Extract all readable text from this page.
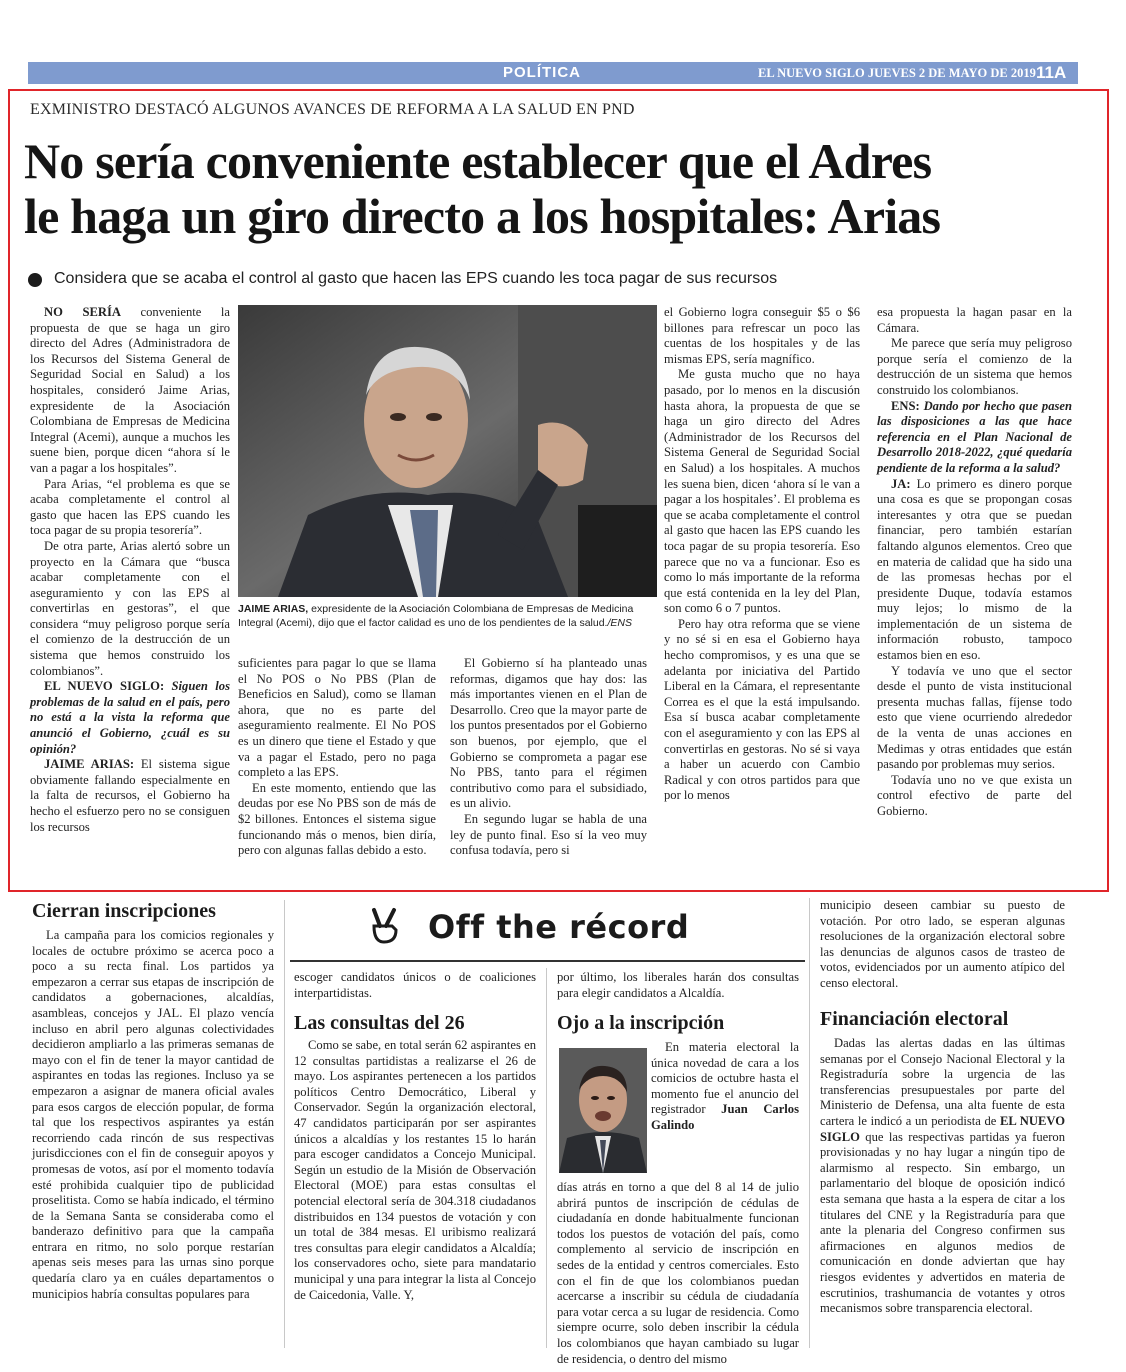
POLÍTICA	EL NUEVO SIGLO JUEVES 2 DE MAYO DE 2019 11A
EXMINISTRO DESTACÓ ALGUNOS AVANCES DE REFORMA A LA SALUD EN PND
No sería conveniente establecer que el Adres
le haga un giro directo a los hospitales: Arias
Considera que se acaba el control al gasto que hacen las EPS cuando les toca pagar de sus recursos

NO SERÍA conveniente la propuesta de que se haga un giro directo del Adres (Administradora de los Recursos del Sistema General de Seguridad Social en Salud) a los hospitales, consideró Jaime Arias, expresidente de la Asociación Colombiana de Empresas de Medicina Integral (Acemi), aunque a muchos les suene bien, porque dicen “ahora sí le van a pagar a los hospitales”.

Para Arias, “el problema es que se acaba completamente el control al gasto que hacen las EPS cuando les toca pagar de su propia tesorería”.

De otra parte, Arias alertó sobre un proyecto en la Cámara que “busca acabar completamente con el aseguramiento y con las EPS al convertirlas en gestoras”, el que considera “muy peligroso porque sería el comienzo de la destrucción de un sistema que hemos construido los colombianos”.

EL NUEVO SIGLO: Siguen los problemas de la salud en el país, pero no está a la vista la reforma que anunció el Gobierno, ¿cuál es su opinión?

JAIME ARIAS: El sistema sigue obviamente fallando especialmente en la falta de recursos, el Gobierno ha hecho el esfuerzo pero no se consiguen los recursos

JAIME ARIAS, expresidente de la Asociación Colombiana de Empresas de Medicina Integral (Acemi), dijo que el factor calidad es uno de los pendientes de la salud./ENS

suficientes para pagar lo que se llama el No POS o No PBS (Plan de Beneficios en Salud), como se llaman ahora, que no es parte del aseguramiento realmente. El No POS es un dinero que tiene el Estado y que va a pagar el Estado, pero no paga completo a las EPS.

En este momento, entiendo que las deudas por ese No PBS son de más de $2 billones. Entonces el sistema sigue funcionando más o menos, bien diría, pero con algunas fallas debido a esto.

El Gobierno sí ha planteado unas reformas, digamos que hay dos: las más importantes vienen en el Plan de Desarrollo. Creo que la mayor parte de los puntos presentados por el Gobierno son buenos, por ejemplo, que el Gobierno se comprometa a pagar ese No PBS, tanto para el régimen contributivo como para el subsidiado, es un alivio.

En segundo lugar se habla de una ley de punto final. Eso sí la veo muy confusa todavía, pero si

el Gobierno logra conseguir $5 o $6 billones para refrescar un poco las cuentas de los hospitales y de las mismas EPS, sería magnífico.

Me gusta mucho que no haya pasado, por lo menos en la discusión hasta ahora, la propuesta de que se haga un giro directo del Adres (Administrador de los Recursos del Sistema General de Seguridad Social en Salud) a los hospitales. A muchos les suena bien, dicen ‘ahora sí le van a pagar a los hospitales’. El problema es que se acaba completamente el control al gasto que hacen las EPS cuando les toca pagar de su propia tesorería. Eso parece que no va a funcionar. Eso es como lo más importante de la reforma que está contenida en la ley del Plan, son como 6 o 7 puntos.

Pero hay otra reforma que se viene y no sé si en esa el Gobierno haya hecho compromisos, y es una que se adelanta por iniciativa del Partido Liberal en la Cámara, el representante Correa es el que la está impulsando. Esa sí busca acabar completamente con el aseguramiento y con las EPS al convertirlas en gestoras. No sé si vaya a haber un acuerdo con Cambio Radical y con otros partidos para que por lo menos

esa propuesta la hagan pasar en la Cámara.

Me parece que sería muy peligroso porque sería el comienzo de la destrucción de un sistema que hemos construido los colombianos.

ENS: Dando por hecho que pasen las disposiciones a las que hace referencia en el Plan Nacional de Desarrollo 2018-2022, ¿qué quedaría pendiente de la reforma a la salud?

JA: Lo primero es dinero porque una cosa es que se propongan cosas interesantes y otra que se puedan financiar, pero también estarían faltando algunos elementos. Creo que en materia de calidad que ha sido una de las promesas hechas por el presidente Duque, todavía estamos muy lejos; lo mismo de la implementación de un sistema de información robusto, tampoco estamos bien en eso.

Y todavía ve uno que el sector desde el punto de vista institucional presenta muchas fallas, fíjense todo esto que viene ocurriendo alrededor de la venta de unas acciones en Medimas y otras entidades que están pasando por problemas muy serios.

Todavía uno no ve que exista un control efectivo de parte del Gobierno.

Off the récord
Cierran inscripciones

La campaña para los comicios regionales y locales de octubre próximo se acerca poco a poco a su recta final. Los partidos ya empezaron a cerrar sus etapas de inscripción de candidatos a gobernaciones, alcaldías, asambleas, concejos y JAL. El plazo vencía incluso en abril pero algunas colectividades decidieron ampliarlo a las primeras semanas de mayo con el fin de tener la mayor cantidad de aspirantes en todas las regiones. Incluso ya se empezaron a asignar de manera oficial avales para esos cargos de elección popular, de forma tal que los respectivos aspirantes ya están recorriendo cada rincón de sus respectivas jurisdicciones con el fin de conseguir apoyos y promesas de votos, así por el momento todavía esté prohibida cualquier tipo de publicidad proselitista. Como se había indicado, el término de la Semana Santa se consideraba como el banderazo definitivo para que la campaña entrara en ritmo, no solo porque restarían apenas seis meses para las urnas sino porque quedaría claro ya en cuáles departamentos o municipios habría consultas populares para

escoger candidatos únicos o de coaliciones interpartidistas.

Las consultas del 26

Como se sabe, en total serán 62 aspirantes en 12 consultas partidistas a realizarse el 26 de mayo. Los aspirantes pertenecen a los partidos políticos Centro Democrático, Liberal y Conservador. Según la organización electoral, 47 candidatos participarán por ser aspirantes únicos a alcaldías y los restantes 15 lo harán para escoger candidatos a Concejo Municipal. Según un estudio de la Misión de Observación Electoral (MOE) para estas consultas el potencial electoral sería de 304.318 ciudadanos distribuidos en 134 puestos de votación y con un total de 384 mesas. El uribismo realizará tres consultas para elegir candidatos a Alcaldía; los conservadores ocho, siete para mandatario municipal y una para integrar la lista al Concejo de Caicedonia, Valle. Y,

por último, los liberales harán dos consultas para elegir candidatos a Alcaldía.

Ojo a la inscripción

En materia electoral la única novedad de cara a los comicios de octubre hasta el momento fue el anuncio del registrador Juan Carlos Galindo

días atrás en torno a que del 8 al 14 de julio abrirá puntos de inscripción de cédulas de ciudadanía en donde habitualmente funcionan todos los puestos de votación del país, como complemento al servicio de inscripción en sedes de la entidad y centros comerciales. Esto con el fin de que los colombianos puedan acercarse a inscribir su cédula de ciudadanía para votar cerca a su lugar de residencia. Como siempre ocurre, solo deben inscribir la cédula los colombianos que hayan cambiado su lugar de residencia, o dentro del mismo

municipio deseen cambiar su puesto de votación. Por otro lado, se esperan algunas resoluciones de la organización electoral sobre las denuncias de algunos casos de trasteo de votos, evidenciados por un aumento atípico del censo electoral.

Financiación electoral

Dadas las alertas dadas en las últimas semanas por el Consejo Nacional Electoral y la Registraduría sobre la urgencia de las transferencias presupuestales por parte del Ministerio de Defensa, una alta fuente de esta cartera le indicó a un periodista de EL NUEVO SIGLO que las respectivas partidas ya fueron provisionadas y no hay lugar a ningún tipo de alarmismo al respecto. Sin embargo, un parlamentario del bloque de oposición indicó esta semana que hasta a la espera de citar a los titulares del CNE y la Registraduría para que ante la plenaria del Congreso confirmen sus afirmaciones en algunos medios de comunicación en donde adviertan que hay riesgos evidentes y advertidos en materia de escrutinios, trashumancia de votantes y otros mecanismos sobre transparencia electoral.
